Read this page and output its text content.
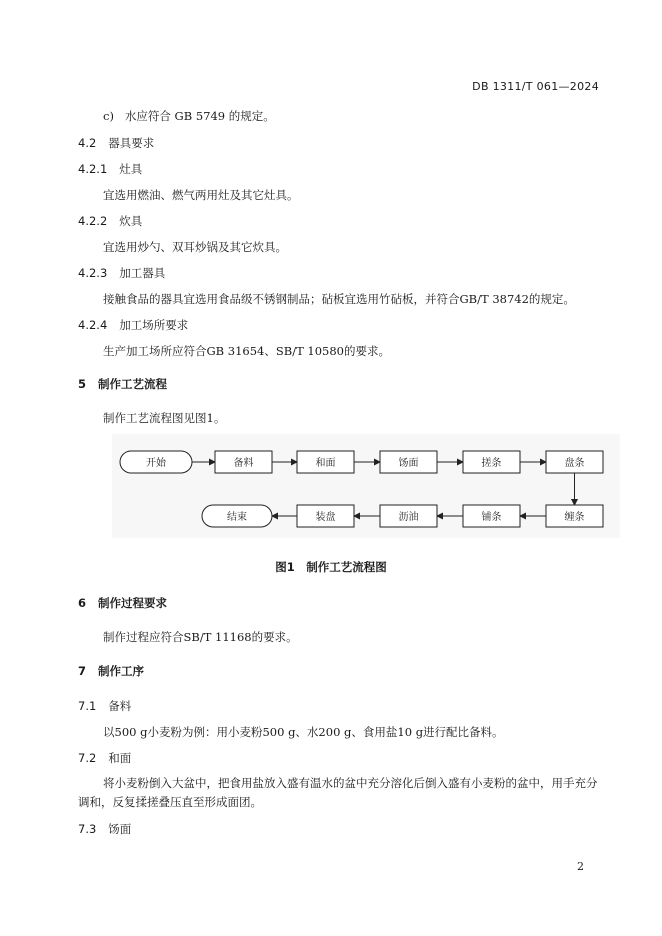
DB 1311/T 061—2024
c) 水应符合 GB 5749 的规定。
4.2 器具要求
4.2.1 灶具
宜选用燃油、燃气两用灶及其它灶具。
4.2.2 炊具
宜选用炒勺、双耳炒锅及其它炊具。
4.2.3 加工器具
接触食品的器具宜选用食品级不锈钢制品；砧板宜选用竹砧板，并符合GB/T 38742的规定。
4.2.4 加工场所要求
生产加工场所应符合GB 31654、SB/T 10580的要求。
5 制作工艺流程
制作工艺流程图见图1。
开始	备料	和面	饧面	搓条	盘条
缠条
铺条
沥油
装盘
结束
图1　制作工艺流程图
6 制作过程要求
制作过程应符合SB/T 11168的要求。
7 制作工序
7.1 备料
以500 g小麦粉为例：用小麦粉500 g、水200 g、食用盐10 g进行配比备料。
7.2 和面
将小麦粉倒入大盆中，把食用盐放入盛有温水的盆中充分溶化后倒入盛有小麦粉的盆中，用手充分
调和，反复揉搓叠压直至形成面团。
7.3 饧面
2
